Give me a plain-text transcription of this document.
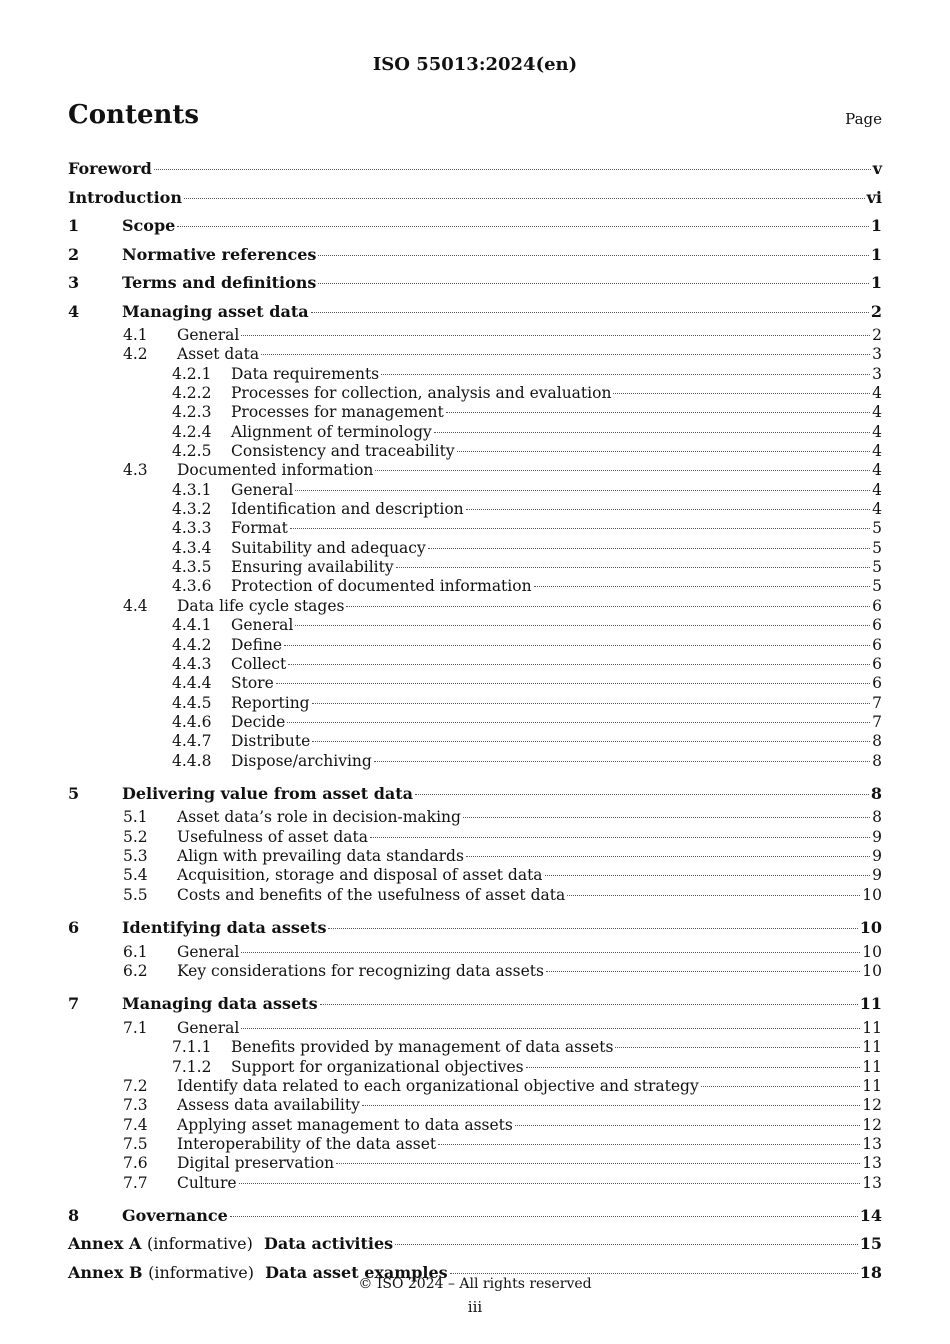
ISO 55013:2024(en)
Contents	Page
Foreword	v
Introduction	vi
1	Scope	1
2	Normative references	1
3	Terms and definitions	1
4	Managing asset data	2
4.1	General	2
4.2	Asset data	3
4.2.1	Data requirements	3
4.2.2	Processes for collection, analysis and evaluation	4
4.2.3	Processes for management	4
4.2.4	Alignment of terminology	4
4.2.5	Consistency and traceability	4
4.3	Documented information	4
4.3.1	General	4
4.3.2	Identification and description	4
4.3.3	Format	5
4.3.4	Suitability and adequacy	5
4.3.5	Ensuring availability	5
4.3.6	Protection of documented information	5
4.4	Data life cycle stages	6
4.4.1	General	6
4.4.2	Define	6
4.4.3	Collect	6
4.4.4	Store	6
4.4.5	Reporting	7
4.4.6	Decide	7
4.4.7	Distribute	8
4.4.8	Dispose/archiving	8
5	Delivering value from asset data	8
5.1	Asset data’s role in decision-making	8
5.2	Usefulness of asset data	9
5.3	Align with prevailing data standards	9
5.4	Acquisition, storage and disposal of asset data	9
5.5	Costs and benefits of the usefulness of asset data	10
6	Identifying data assets	10
6.1	General	10
6.2	Key considerations for recognizing data assets	10
7	Managing data assets	11
7.1	General	11
7.1.1	Benefits provided by management of data assets	11
7.1.2	Support for organizational objectives	11
7.2	Identify data related to each organizational objective and strategy	11
7.3	Assess data availability	12
7.4	Applying asset management to data assets	12
7.5	Interoperability of the data asset	13
7.6	Digital preservation	13
7.7	Culture	13
8	Governance	14
Annex A (informative) Data activities	15
Annex B (informative) Data asset examples	18
© ISO 2024 – All rights reserved
iii
